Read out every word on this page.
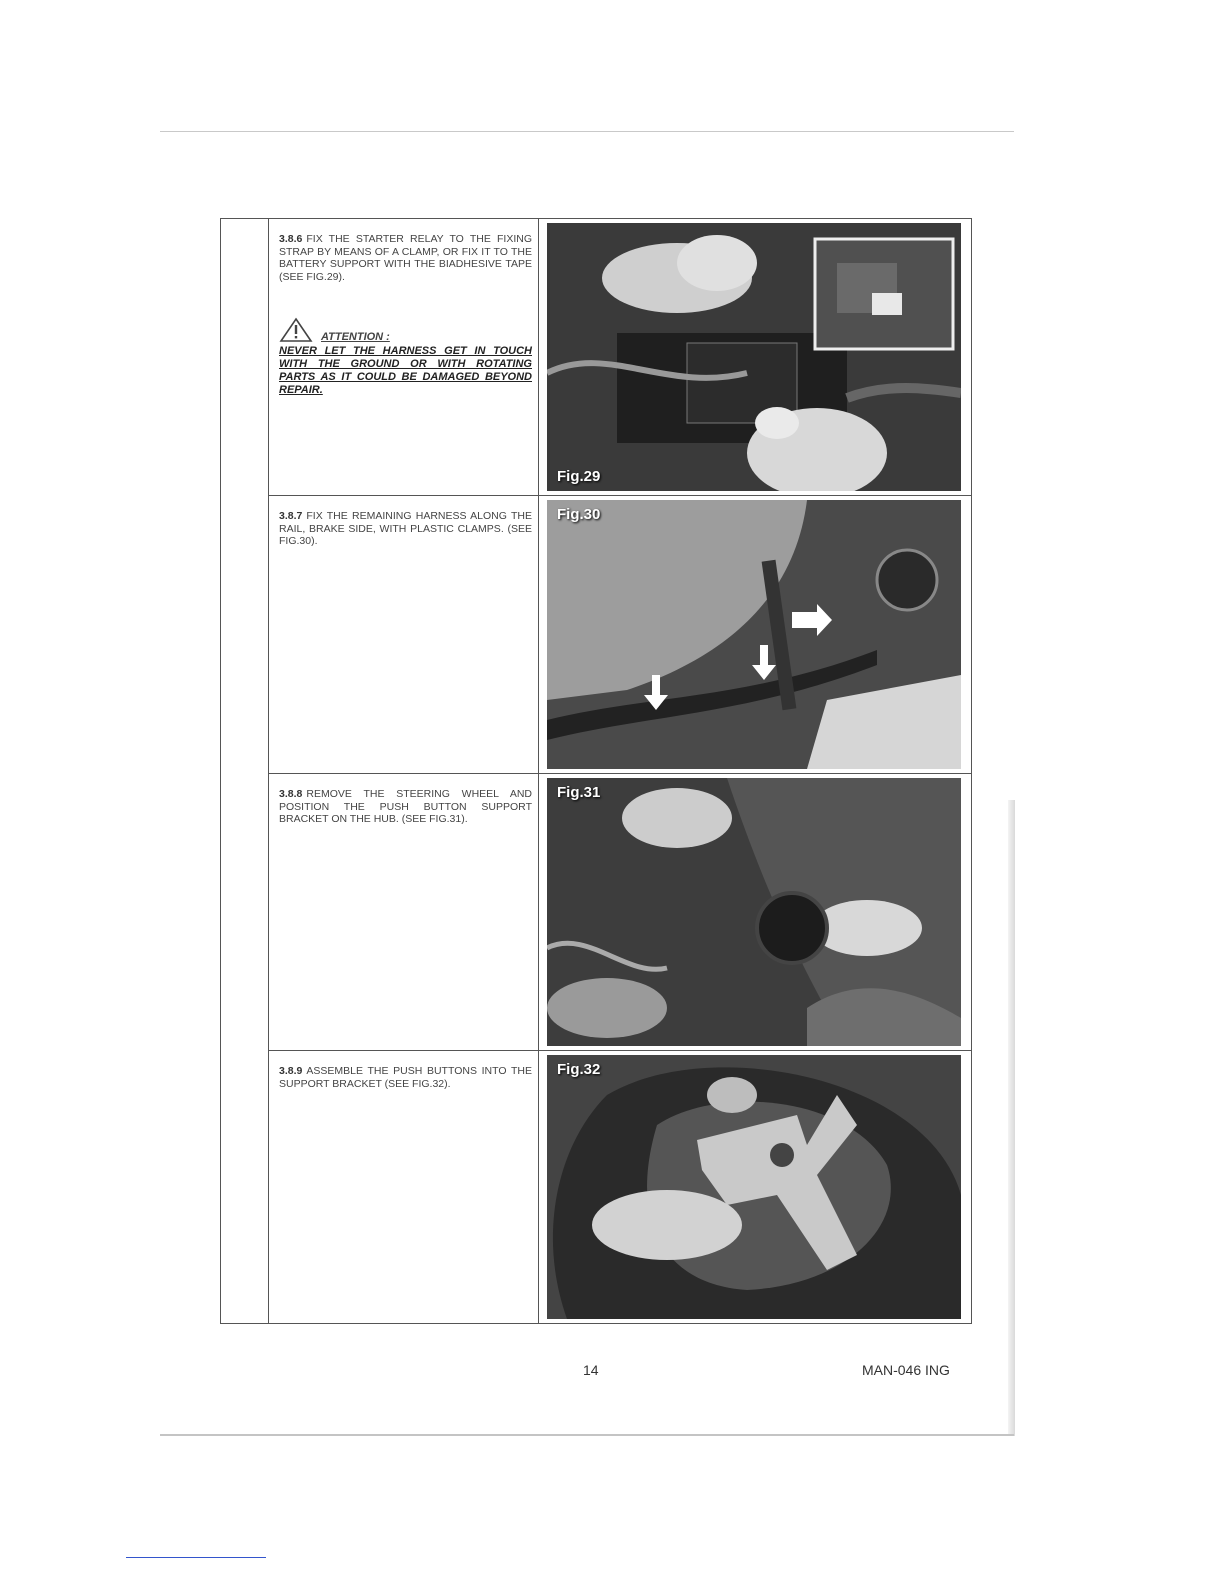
3.8.6 FIX THE STARTER RELAY TO THE FIXING STRAP BY MEANS OF A CLAMP, OR FIX IT TO THE BATTERY SUPPORT WITH THE BIADHESIVE TAPE (SEE FIG.29).
ATTENTION :
NEVER LET THE HARNESS GET IN TOUCH WITH THE GROUND OR WITH ROTATING PARTS AS IT COULD BE DAMAGED BEYOND REPAIR.
Fig.29
3.8.7 FIX THE REMAINING HARNESS ALONG THE RAIL, BRAKE SIDE, WITH PLASTIC CLAMPS. (SEE FIG.30).
Fig.30
3.8.8 REMOVE THE STEERING WHEEL AND POSITION THE PUSH BUTTON SUPPORT BRACKET ON THE HUB. (SEE FIG.31).
Fig.31
3.8.9 ASSEMBLE THE PUSH BUTTONS INTO THE SUPPORT BRACKET (SEE FIG.32).
Fig.32
14	MAN-046 ING
